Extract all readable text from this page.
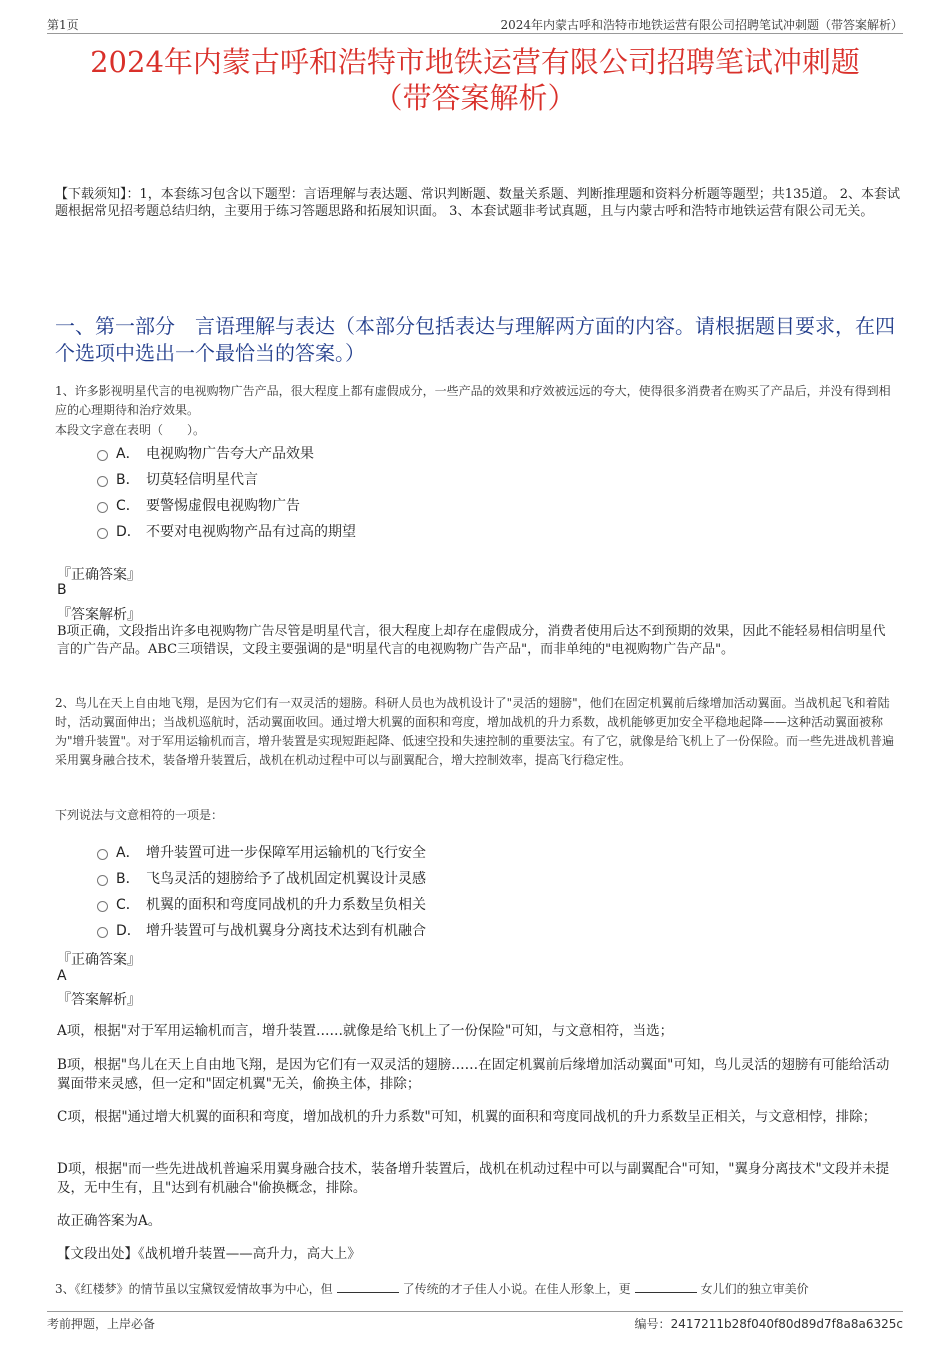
第1页	2024年内蒙古呼和浩特市地铁运营有限公司招聘笔试冲刺题（带答案解析）
2024年内蒙古呼和浩特市地铁运营有限公司招聘笔试冲刺题
（带答案解析）
【下载须知】：1，本套练习包含以下题型：言语理解与表达题、常识判断题、数量关系题、判断推理题和资料分析题等题型；共135道。 2、本套试题根据常见招考题总结归纳，主要用于练习答题思路和拓展知识面。 3、本套试题非考试真题，且与内蒙古呼和浩特市地铁运营有限公司无关。
一、第一部分　言语理解与表达（本部分包括表达与理解两方面的内容。请根据题目要求，在四个选项中选出一个最恰当的答案。）
1、许多影视明星代言的电视购物广告产品，很大程度上都有虚假成分，一些产品的效果和疗效被远远的夸大，使得很多消费者在购买了产品后，并没有得到相应的心理期待和治疗效果。
本段文字意在表明（　　）。
A． 电视购物广告夸大产品效果
B． 切莫轻信明星代言
C． 要警惕虚假电视购物广告
D． 不要对电视购物产品有过高的期望
『正确答案』
B
『答案解析』
B项正确，文段指出许多电视购物广告尽管是明星代言，很大程度上却存在虚假成分，消费者使用后达不到预期的效果，因此不能轻易相信明星代言的广告产品。ABC三项错误，文段主要强调的是"明星代言的电视购物广告产品"，而非单纯的"电视购物广告产品"。
2、鸟儿在天上自由地飞翔，是因为它们有一双灵活的翅膀。科研人员也为战机设计了"灵活的翅膀"，他们在固定机翼前后缘增加活动翼面。当战机起飞和着陆时，活动翼面伸出；当战机巡航时，活动翼面收回。通过增大机翼的面积和弯度，增加战机的升力系数，战机能够更加安全平稳地起降——这种活动翼面被称为"增升装置"。对于军用运输机而言，增升装置是实现短距起降、低速空投和失速控制的重要法宝。有了它，就像是给飞机上了一份保险。而一些先进战机普遍采用翼身融合技术，装备增升装置后，战机在机动过程中可以与副翼配合，增大控制效率，提高飞行稳定性。
下列说法与文意相符的一项是：
A． 增升装置可进一步保障军用运输机的飞行安全
B． 飞鸟灵活的翅膀给予了战机固定机翼设计灵感
C． 机翼的面积和弯度同战机的升力系数呈负相关
D． 增升装置可与战机翼身分离技术达到有机融合
『正确答案』
A
『答案解析』
A项，根据"对于军用运输机而言，增升装置……就像是给飞机上了一份保险"可知，与文意相符，当选；
B项，根据"鸟儿在天上自由地飞翔，是因为它们有一双灵活的翅膀……在固定机翼前后缘增加活动翼面"可知，鸟儿灵活的翅膀有可能给活动翼面带来灵感，但一定和"固定机翼"无关，偷换主体，排除；
C项，根据"通过增大机翼的面积和弯度，增加战机的升力系数"可知，机翼的面积和弯度同战机的升力系数呈正相关，与文意相悖，排除；
D项，根据"而一些先进战机普遍采用翼身融合技术，装备增升装置后，战机在机动过程中可以与副翼配合"可知，"翼身分离技术"文段并未提及，无中生有，且"达到有机融合"偷换概念，排除。
故正确答案为A。
【文段出处】《战机增升装置——高升力，高大上》
3、《红楼梦》的情节虽以宝黛钗爱情故事为中心，但	了传统的才子佳人小说。在佳人形象上，更	女儿们的独立审美价
考前押题，上岸必备	编号：2417211b28f040f80d89d7f8a8a6325c
